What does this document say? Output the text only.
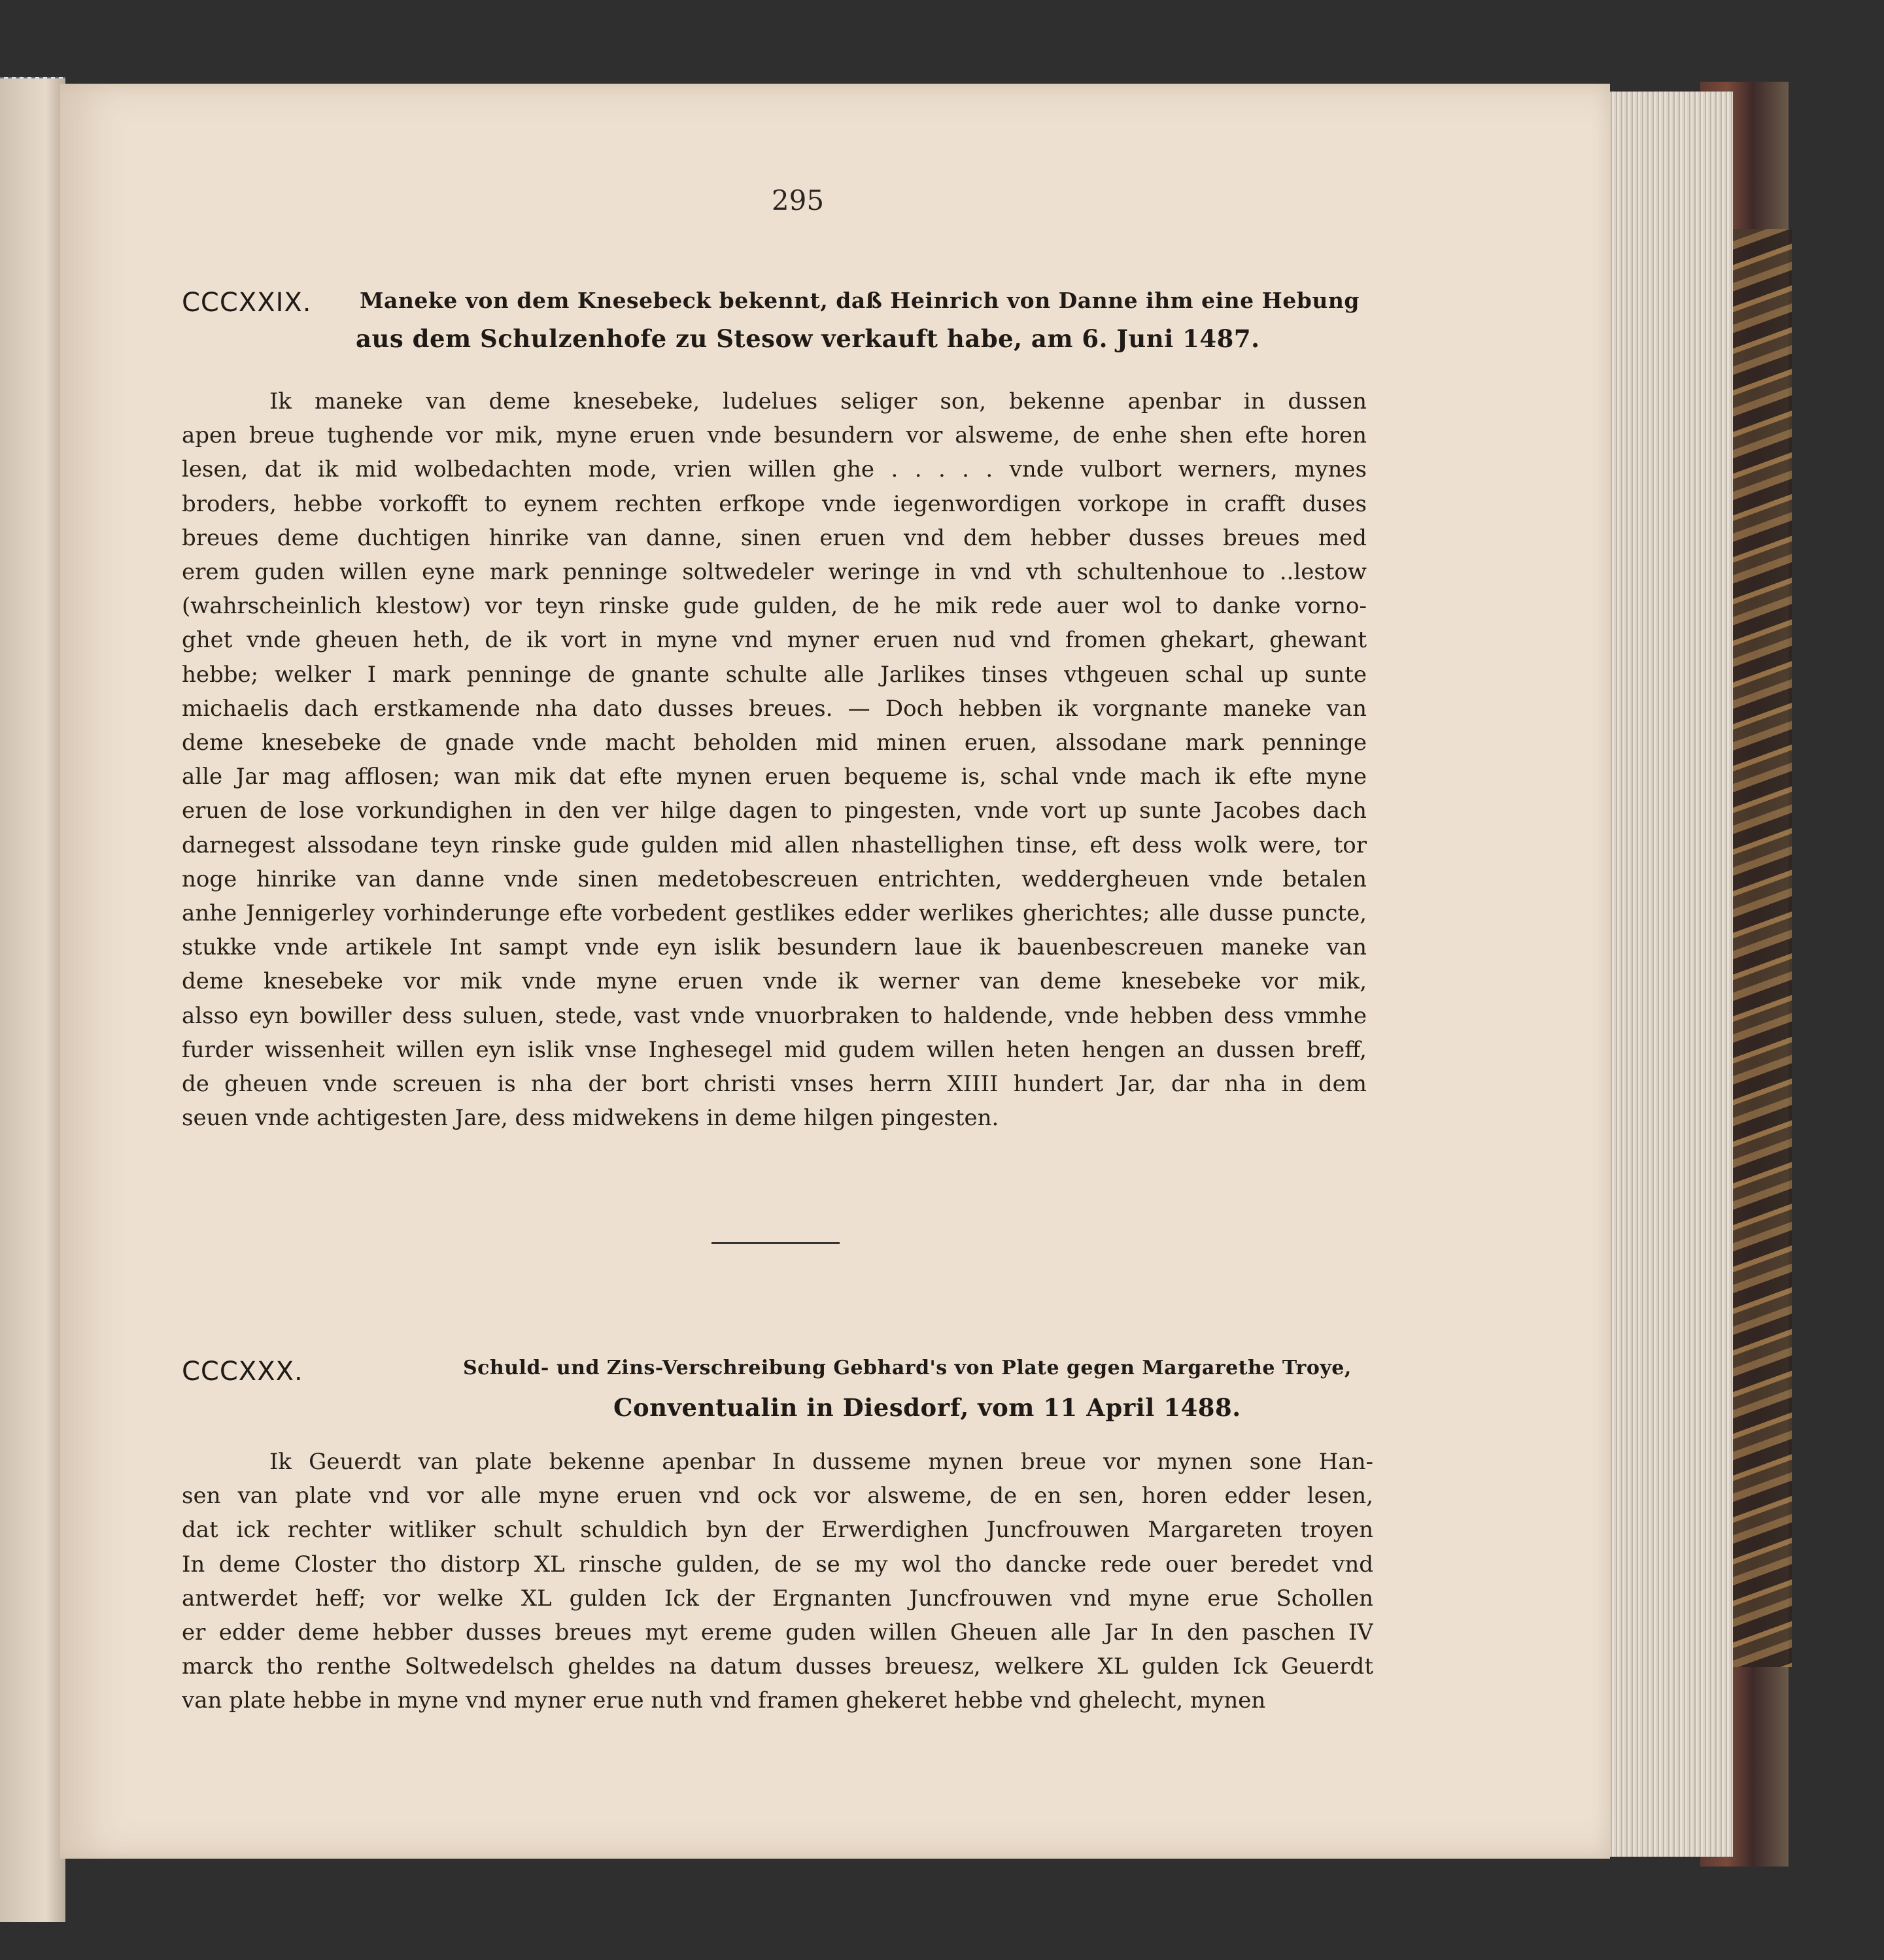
295
CCCXXIX. Maneke von dem Knesebeck bekennt, daß Heinrich von Danne ihm eine Hebung
aus dem Schulzenhofe zu Stesow verkauft habe, am 6. Juni 1487.
Ik maneke van deme knesebeke, ludelues seliger son, bekenne apenbar in dussen
apen breue tughende vor mik, myne eruen vnde besundern vor alsweme, de enhe shen efte horen
lesen, dat ik mid wolbedachten mode, vrien willen ghe . . . . . vnde vulbort werners, mynes
broders, hebbe vorkofft to eynem rechten erfkope vnde iegenwordigen vorkope in crafft duses
breues deme duchtigen hinrike van danne, sinen eruen vnd dem hebber dusses breues med
erem guden willen eyne mark penninge soltwedeler weringe in vnd vth schultenhoue to ..lestow
(wahrscheinlich klestow) vor teyn rinske gude gulden, de he mik rede auer wol to danke vorno-
ghet vnde gheuen heth, de ik vort in myne vnd myner eruen nud vnd fromen ghekart, ghewant
hebbe; welker I mark penninge de gnante schulte alle Jarlikes tinses vthgeuen schal up sunte
michaelis dach erstkamende nha dato dusses breues. — Doch hebben ik vorgnante maneke van
deme knesebeke de gnade vnde macht beholden mid minen eruen, alssodane mark penninge
alle Jar mag afflosen; wan mik dat efte mynen eruen bequeme is, schal vnde mach ik efte myne
eruen de lose vorkundighen in den ver hilge dagen to pingesten, vnde vort up sunte Jacobes dach
darnegest alssodane teyn rinske gude gulden mid allen nhastellighen tinse, eft dess wolk were, tor
noge hinrike van danne vnde sinen medetobescreuen entrichten, weddergheuen vnde betalen
anhe Jennigerley vorhinderunge efte vorbedent gestlikes edder werlikes gherichtes; alle dusse puncte,
stukke vnde artikele Int sampt vnde eyn islik besundern laue ik bauenbescreuen maneke van
deme knesebeke vor mik vnde myne eruen vnde ik werner van deme knesebeke vor mik,
alsso eyn bowiller dess suluen, stede, vast vnde vnuorbraken to haldende, vnde hebben dess vmmhe
furder wissenheit willen eyn islik vnse Inghesegel mid gudem willen heten hengen an dussen breff,
de gheuen vnde screuen is nha der bort christi vnses herrn XIIII hundert Jar, dar nha in dem
seuen vnde achtigesten Jare, dess midwekens in deme hilgen pingesten.
CCCXXX.	Schuld- und Zins-Verschreibung Gebhard's von Plate gegen Margarethe Troye,
Conventualin in Diesdorf, vom 11 April 1488.
Ik Geuerdt van plate bekenne apenbar In dusseme mynen breue vor mynen sone Han-
sen van plate vnd vor alle myne eruen vnd ock vor alsweme, de en sen, horen edder lesen,
dat ick rechter witliker schult schuldich byn der Erwerdighen Juncfrouwen Margareten troyen
In deme Closter tho distorp XL rinsche gulden, de se my wol tho dancke rede ouer beredet vnd
antwerdet heff; vor welke XL gulden Ick der Ergnanten Juncfrouwen vnd myne erue Schollen
er edder deme hebber dusses breues myt ereme guden willen Gheuen alle Jar In den paschen IV
marck tho renthe Soltwedelsch gheldes na datum dusses breuesz, welkere XL gulden Ick Geuerdt
van plate hebbe in myne vnd myner erue nuth vnd framen ghekeret hebbe vnd ghelecht, mynen
